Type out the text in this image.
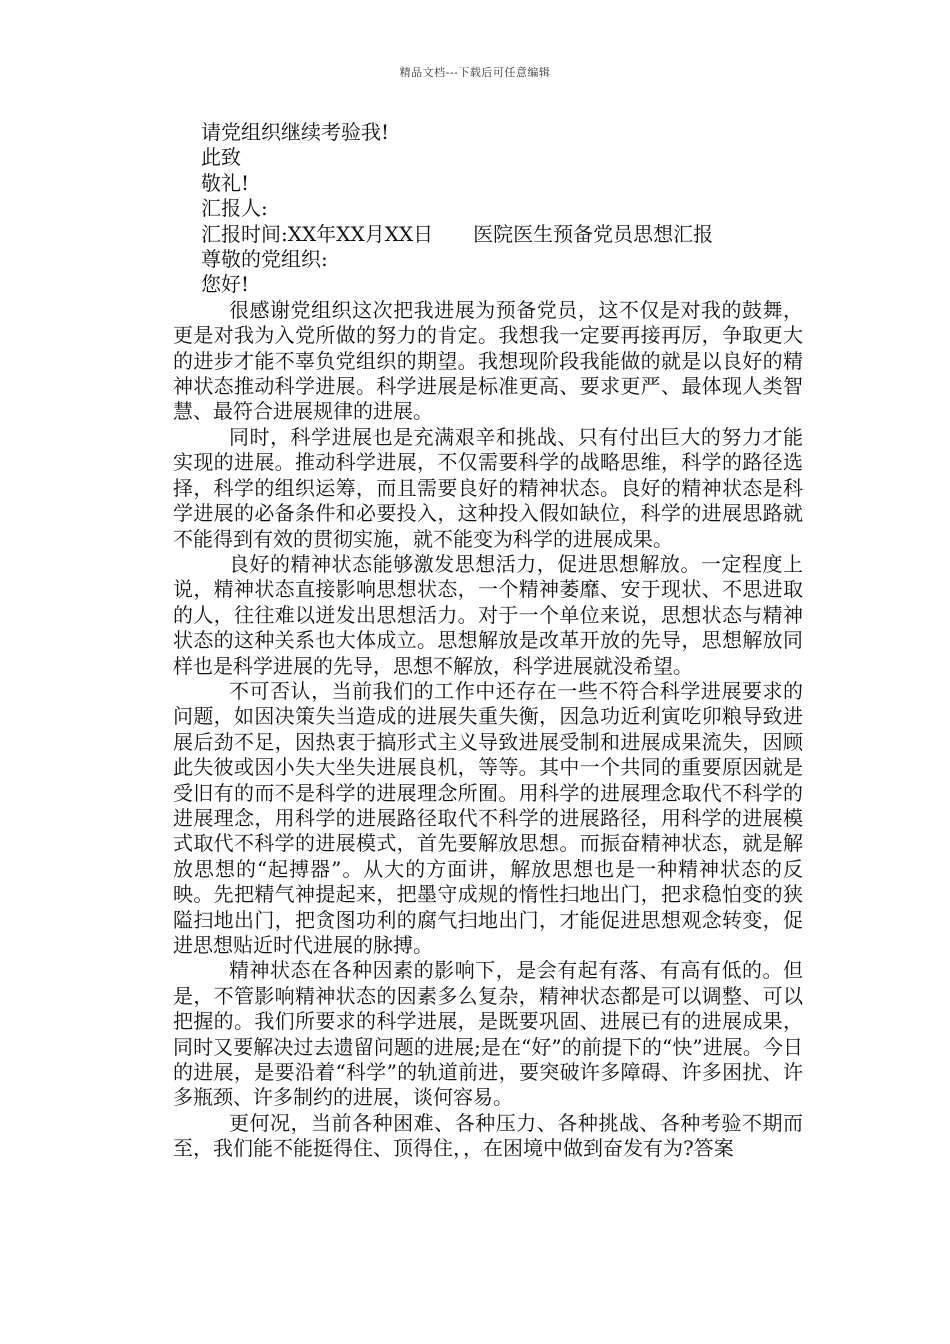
精品文档---下载后可任意编辑

请党组织继续考验我!

此致

敬礼!

汇报人:

汇报时间:XX年XX月XX日　　医院医生预备党员思想汇报

尊敬的党组织:

您好!

很感谢党组织这次把我进展为预备党员，这不仅是对我的鼓舞，更是对我为入党所做的努力的肯定。我想我一定要再接再厉，争取更大的进步才能不辜负党组织的期望。我想现阶段我能做的就是以良好的精神状态推动科学进展。科学进展是标准更高、要求更严、最体现人类智慧、最符合进展规律的进展。

同时，科学进展也是充满艰辛和挑战、只有付出巨大的努力才能实现的进展。推动科学进展，不仅需要科学的战略思维，科学的路径选择，科学的组织运筹，而且需要良好的精神状态。良好的精神状态是科学进展的必备条件和必要投入，这种投入假如缺位，科学的进展思路就不能得到有效的贯彻实施，就不能变为科学的进展成果。

良好的精神状态能够激发思想活力，促进思想解放。一定程度上说，精神状态直接影响思想状态，一个精神萎靡、安于现状、不思进取的人，往往难以迸发出思想活力。对于一个单位来说，思想状态与精神状态的这种关系也大体成立。思想解放是改革开放的先导，思想解放同样也是科学进展的先导，思想不解放，科学进展就没希望。

不可否认，当前我们的工作中还存在一些不符合科学进展要求的问题，如因决策失当造成的进展失重失衡，因急功近利寅吃卯粮导致进展后劲不足，因热衷于搞形式主义导致进展受制和进展成果流失，因顾此失彼或因小失大坐失进展良机，等等。其中一个共同的重要原因就是受旧有的而不是科学的进展理念所囿。用科学的进展理念取代不科学的进展理念，用科学的进展路径取代不科学的进展路径，用科学的进展模式取代不科学的进展模式，首先要解放思想。而振奋精神状态，就是解放思想的“起搏器”。从大的方面讲，解放思想也是一种精神状态的反映。先把精气神提起来，把墨守成规的惰性扫地出门，把求稳怕变的狭隘扫地出门，把贪图功利的腐气扫地出门，才能促进思想观念转变，促进思想贴近时代进展的脉搏。

精神状态在各种因素的影响下，是会有起有落、有高有低的。但是，不管影响精神状态的因素多么复杂，精神状态都是可以调整、可以把握的。我们所要求的科学进展，是既要巩固、进展已有的进展成果，同时又要解决过去遗留问题的进展;是在“好”的前提下的“快”进展。今日的进展，是要沿着“科学”的轨道前进，要突破许多障碍、许多困扰、许多瓶颈、许多制约的进展，谈何容易。

更何况，当前各种困难、各种压力、各种挑战、各种考验不期而至，我们能不能挺得住、顶得住，，在困境中做到奋发有为?答案
